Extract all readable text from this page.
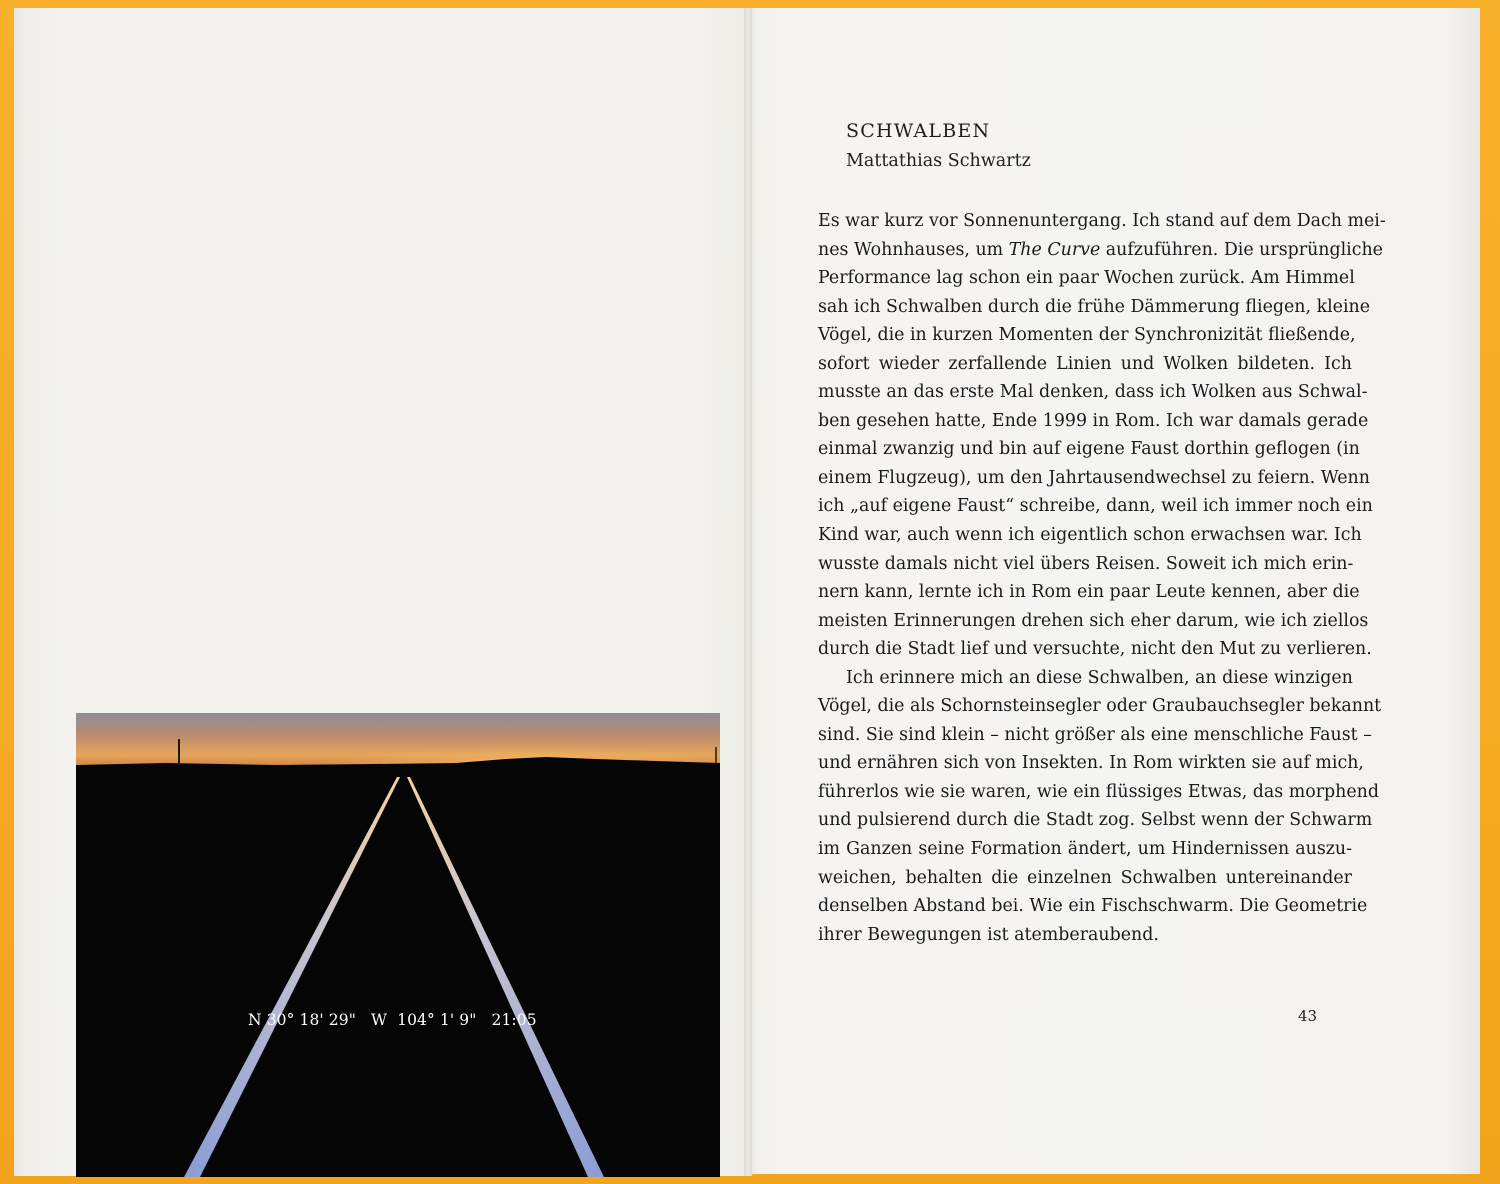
N 30° 18' 29"   W  104° 1' 9"   21:05
SCHWALBEN
Mattathias Schwartz
Es war kurz vor Sonnenuntergang. Ich stand auf dem Dach mei-
nes Wohnhauses, um The Curve aufzuführen. Die ursprüngliche
Performance lag schon ein paar Wochen zurück. Am Himmel
sah ich Schwalben durch die frühe Dämmerung fliegen, kleine
Vögel, die in kurzen Momenten der Synchronizität fließende,
sofort wieder zerfallende Linien und Wolken bildeten. Ich
musste an das erste Mal denken, dass ich Wolken aus Schwal-
ben gesehen hatte, Ende 1999 in Rom. Ich war damals gerade
einmal zwanzig und bin auf eigene Faust dorthin geflogen (in
einem Flugzeug), um den Jahrtausendwechsel zu feiern. Wenn
ich „auf eigene Faust“ schreibe, dann, weil ich immer noch ein
Kind war, auch wenn ich eigentlich schon erwachsen war. Ich
wusste damals nicht viel übers Reisen. Soweit ich mich erin-
nern kann, lernte ich in Rom ein paar Leute kennen, aber die
meisten Erinnerungen drehen sich eher darum, wie ich ziellos
durch die Stadt lief und versuchte, nicht den Mut zu verlieren.
Ich erinnere mich an diese Schwalben, an diese winzigen
Vögel, die als Schornsteinsegler oder Graubauchsegler bekannt
sind. Sie sind klein – nicht größer als eine menschliche Faust –
und ernähren sich von Insekten. In Rom wirkten sie auf mich,
führerlos wie sie waren, wie ein flüssiges Etwas, das morphend
und pulsierend durch die Stadt zog. Selbst wenn der Schwarm
im Ganzen seine Formation ändert, um Hindernissen auszu-
weichen, behalten die einzelnen Schwalben untereinander
denselben Abstand bei. Wie ein Fischschwarm. Die Geometrie
ihrer Bewegungen ist atemberaubend.
43
